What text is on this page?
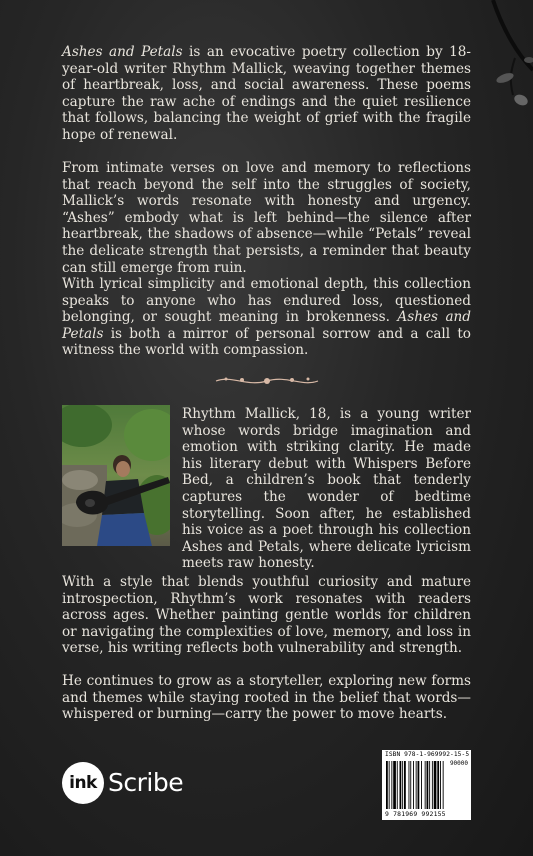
Ashes and Petals is an evocative poetry collection by 18-year-old writer Rhythm Mallick, weaving together themes of heartbreak, loss, and social awareness. These poems capture the raw ache of endings and the quiet resilience that follows, balancing the weight of grief with the fragile hope of renewal.

From intimate verses on love and memory to reflections that reach beyond the self into the struggles of society, Mallick’s words resonate with honesty and urgency. “Ashes” embody what is left behind—the silence after heartbreak, the shadows of absence—while “Petals” reveal the delicate strength that persists, a reminder that beauty can still emerge from ruin.

With lyrical simplicity and emotional depth, this collection speaks to anyone who has endured loss, questioned belonging, or sought meaning in brokenness. Ashes and Petals is both a mirror of personal sorrow and a call to witness the world with compassion.

Rhythm Mallick, 18, is a young writer whose words bridge imagination and emotion with striking clarity. He made his literary debut with Whispers Before Bed, a children’s book that tenderly captures the wonder of bedtime storytelling. Soon after, he established his voice as a poet through his collection Ashes and Petals, where delicate lyricism meets raw honesty.

With a style that blends youthful curiosity and mature introspection, Rhythm’s work resonates with readers across ages. Whether painting gentle worlds for children or navigating the complexities of love, memory, and loss in verse, his writing reflects both vulnerability and strength.

He continues to grow as a storyteller, exploring new forms and themes while staying rooted in the belief that words—whispered or burning—carry the power to move hearts.

ink Scribe
ISBN 978-1-969992-15-5
90000
9 781969 992155
